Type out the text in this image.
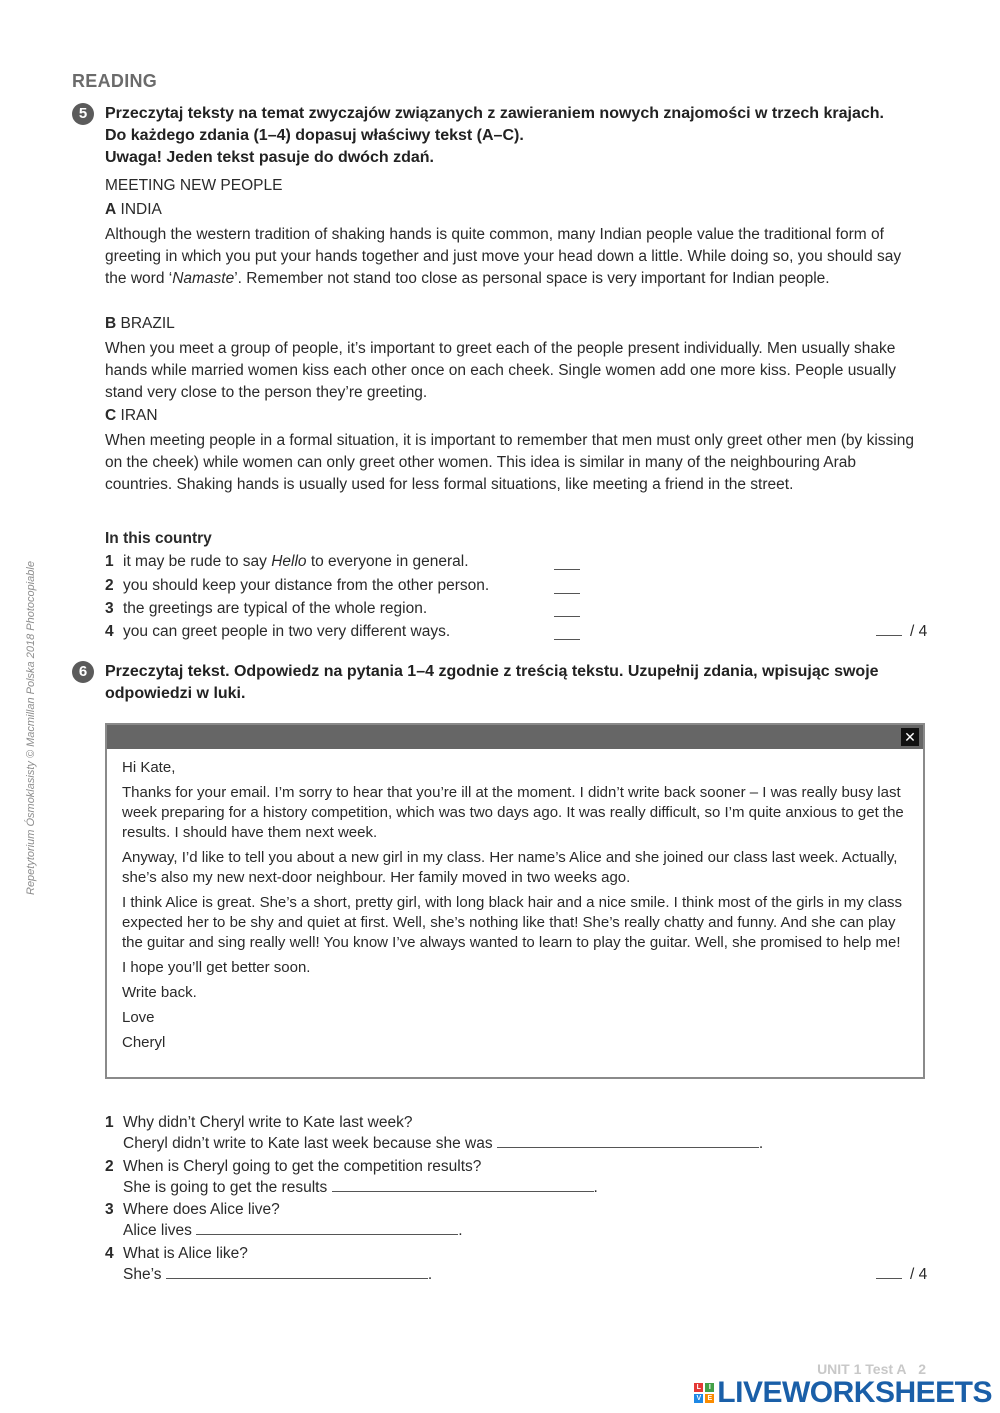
READING
5	Przeczytaj teksty na temat zwyczajów związanych z zawieraniem nowych znajomości w trzech krajach.
Do każdego zdania (1–4) dopasuj właściwy tekst (A–C).
Uwaga! Jeden tekst pasuje do dwóch zdań.
MEETING NEW PEOPLE
A INDIA
Although the western tradition of shaking hands is quite common, many Indian people value the traditional form of greeting in which you put your hands together and just move your head down a little. While doing so, you should say the word ‘Namaste’. Remember not stand too close as personal space is very important for Indian people.
B BRAZIL
When you meet a group of people, it’s important to greet each of the people present individually. Men usually shake hands while married women kiss each other once on each cheek. Single women add one more kiss. People usually stand very close to the person they’re greeting.
C IRAN
When meeting people in a formal situation, it is important to remember that men must only greet other men (by kissing on the cheek) while women can only greet other women. This idea is similar in many of the neighbouring Arab countries. Shaking hands is usually used for less formal situations, like meeting a friend in the street.
In this country
1 it may be rude to say Hello to everyone in general.
2 you should keep your distance from the other person.
3 the greetings are typical of the whole region.
4 you can greet people in two very different ways.	/ 4
6	Przeczytaj tekst. Odpowiedz na pytania 1–4 zgodnie z treścią tekstu. Uzupełnij zdania, wpisując swoje
odpowiedzi w luki.
✕

Hi Kate,

Thanks for your email. I’m sorry to hear that you’re ill at the moment. I didn’t write back sooner – I was really busy last week preparing for a history competition, which was two days ago. It was really difficult, so I’m quite anxious to get the results. I should have them next week.

Anyway, I’d like to tell you about a new girl in my class. Her name’s Alice and she joined our class last week. Actually, she’s also my new next-door neighbour. Her family moved in two weeks ago.

I think Alice is great. She’s a short, pretty girl, with long black hair and a nice smile. I think most of the girls in my class expected her to be shy and quiet at first. Well, she’s nothing like that! She’s really chatty and funny. And she can play the guitar and sing really well! You know I’ve always wanted to learn to play the guitar. Well, she promised to help me!

I hope you’ll get better soon.

Write back.

Love

Cheryl

1 Why didn’t Cheryl write to Kate last week?
Cheryl didn’t write to Kate last week because she was	.
2 When is Cheryl going to get the competition results?
She is going to get the results	.
3 Where does Alice live?
Alice lives	.
4 What is Alice like?
She’s	.	/ 4
Repetytorium Ósmoklasisty © Macmillan Polska 2018 Photocopiable
UNIT 1 Test A 2
L	I
V E LIVEWORKSHEETS
